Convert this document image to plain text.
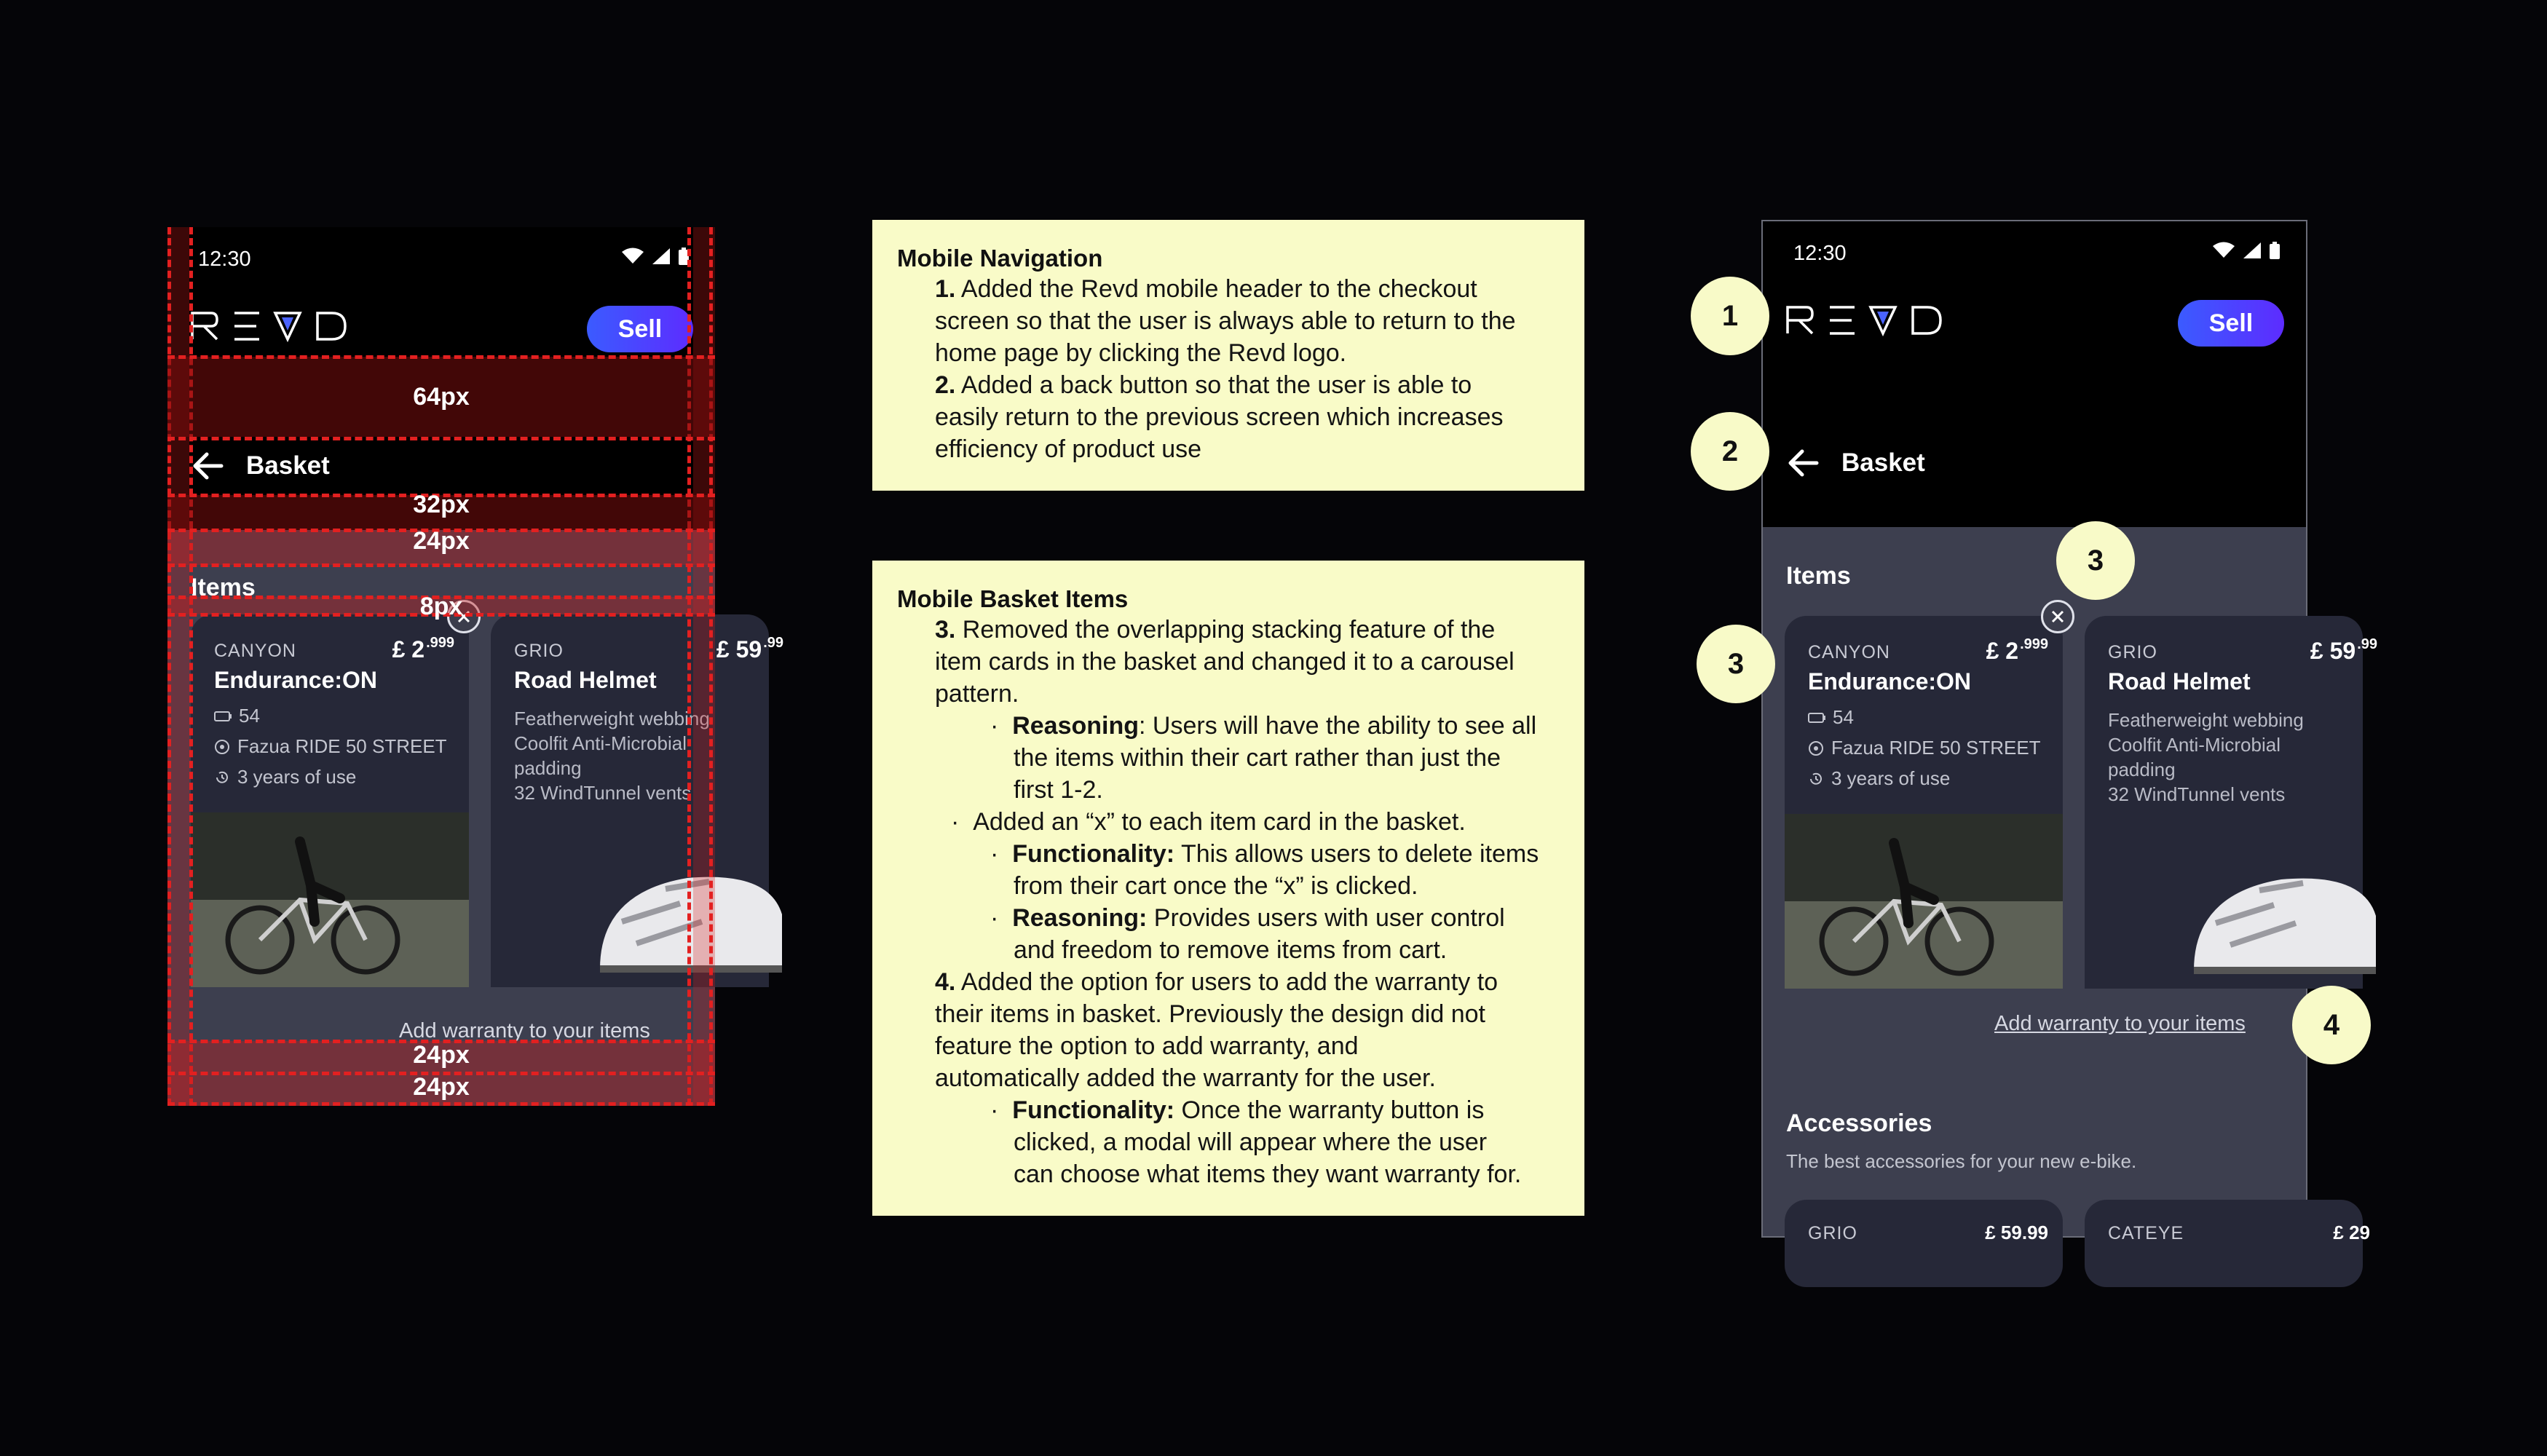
12:30
Sell
Basket
Items
CANYON	£ 2 $^{.999}$
Endurance:ON
54
Fazua RIDE 50 STREET
3 years of use
GRIO	£ 59 $^{.99}$
Road Helmet
Featherweight webbing
Coolfit Anti-Microbial
padding
32 WindTunnel vents
Add warranty to your items
64px
32px
24px
8px
24px
24px
Mobile Navigation
1. Added the Revd mobile header to the checkout
screen so that the user is always able to return to the
home page by clicking the Revd logo.
2. Added a back button so that the user is able to
easily return to the previous screen which increases
efficiency of product use
Mobile Basket Items
3. Removed the overlapping stacking feature of the
item cards in the basket and changed it to a carousel
pattern.
·  Reasoning: Users will have the ability to see all
the items within their cart rather than just the
first 1-2.
·  Added an “x” to each item card in the basket.
·  Functionality: This allows users to delete items
from their cart once the “x” is clicked.
·  Reasoning: Provides users with user control
and freedom to remove items from cart.
4. Added the option for users to add the warranty to
their items in basket. Previously the design did not
feature the option to add warranty, and
automatically added the warranty for the user.
·  Functionality: Once the warranty button is
clicked, a modal will appear where the user
can choose what items they want warranty for.
12:30
Sell
Basket
Items
CANYON	£ 2 $^{.999}$
Endurance:ON
54
Fazua RIDE 50 STREET
3 years of use
GRIO	£ 59 $^{.99}$
Road Helmet
Featherweight webbing
Coolfit Anti-Microbial
padding
32 WindTunnel vents
Add warranty to your items
Accessories
The best accessories for your new e-bike.
GRIO	£ 59.99	CATEYE	£ 29
1
2
3
3
4
